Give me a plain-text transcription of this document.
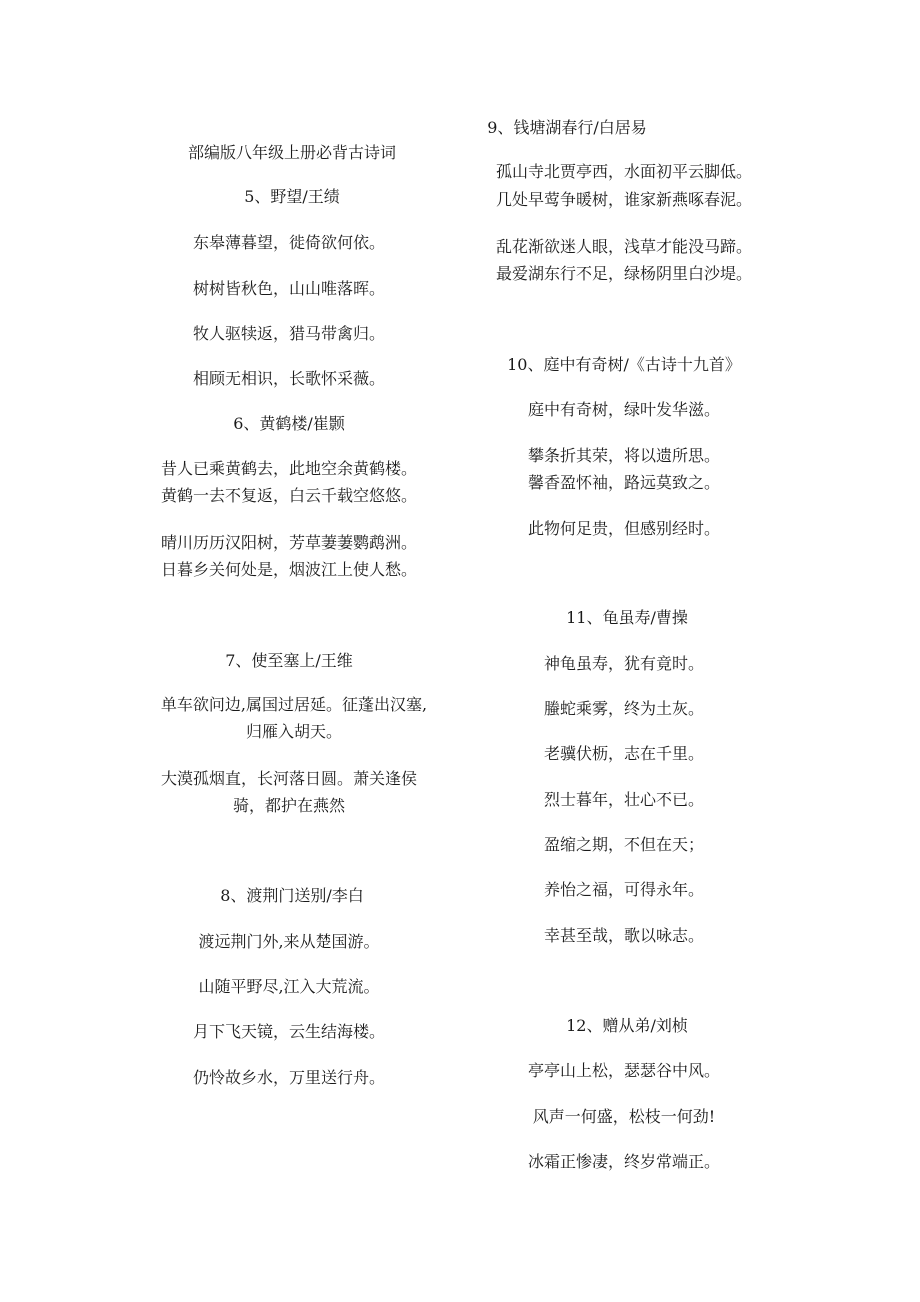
部编版八年级上册必背古诗词
5、野望/王绩
东皋薄暮望，徙倚欲何依。
树树皆秋色，山山唯落晖。
牧人驱犊返，猎马带禽归。
相顾无相识，长歌怀采薇。
6、黄鹤楼/崔颢
昔人已乘黄鹤去，此地空余黄鹤楼。
黄鹤一去不复返，白云千载空悠悠。
晴川历历汉阳树，芳草萋萋鹦鹉洲。
日暮乡关何处是，烟波江上使人愁。
7、使至塞上/王维
单车欲问边,属国过居延。征蓬出汉塞,
归雁入胡天。
大漠孤烟直，长河落日圆。萧关逢侯
骑，都护在燕然
8、渡荆门送别/李白
渡远荆门外,来从楚国游。
山随平野尽,江入大荒流。
月下飞天镜，云生结海楼。
仍怜故乡水，万里送行舟。
9、钱塘湖春行/白居易
孤山寺北贾亭西，水面初平云脚低。
几处早莺争暖树，谁家新燕啄春泥。
乱花渐欲迷人眼，浅草才能没马蹄。
最爱湖东行不足，绿杨阴里白沙堤。
10、庭中有奇树/《古诗十九首》
庭中有奇树，绿叶发华滋。
攀条折其荣，将以遗所思。
馨香盈怀袖，路远莫致之。
此物何足贵，但感别经时。
11、龟虽寿/曹操
神龟虽寿，犹有竟时。
螣蛇乘雾，终为土灰。
老骥伏枥，志在千里。
烈士暮年，壮心不已。
盈缩之期，不但在天；
养怡之福，可得永年。
幸甚至哉，歌以咏志。
12、赠从弟/刘桢
亭亭山上松，瑟瑟谷中风。
风声一何盛，松枝一何劲!
冰霜正惨凄，终岁常端正。
